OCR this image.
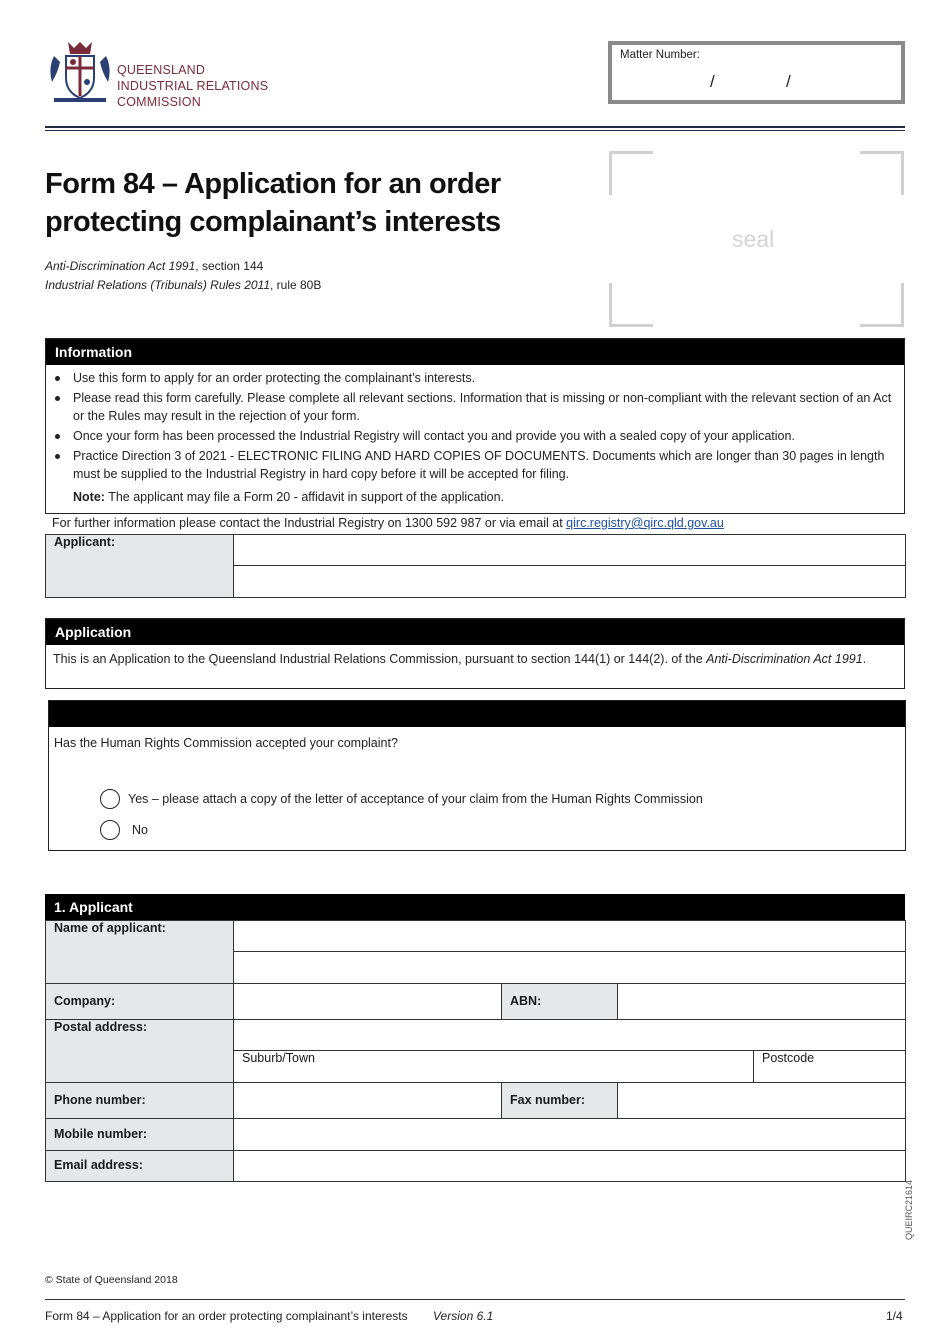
QUEENSLAND
INDUSTRIAL RELATIONS
COMMISSION
Matter Number:
/	/
Form 84 – Application for an order
protecting complainant’s interests
Anti-Discrimination Act 1991, section 144
Industrial Relations (Tribunals) Rules 2011, rule 80B
seal
Information
Use this form to apply for an order protecting the complainant’s interests.
Please read this form carefully. Please complete all relevant sections. Information that is missing or non-compliant with the relevant section of an Act or the Rules may result in the rejection of your form.
Once your form has been processed the Industrial Registry will contact you and provide you with a sealed copy of your application.
Practice Direction 3 of 2021 - ELECTRONIC FILING AND HARD COPIES OF DOCUMENTS. Documents which are longer than 30 pages in length must be supplied to the Industrial Registry in hard copy before it will be accepted for filing.
Note: The applicant may file a Form 20 - affidavit in support of the application.
For further information please contact the Industrial Registry on 1300 592 987 or via email at qirc.registry@qirc.qld.gov.au
Applicant:	

Application
This is an Application to the Queensland Industrial Relations Commission, pursuant to section 144(1) or 144(2). of the Anti-Discrimination Act 1991.
Has the Human Rights Commission accepted your complaint?
Yes – please attach a copy of the letter of acceptance of your claim from the Human Rights Commission
No
1. Applicant
Name of applicant:				

Company:		ABN:		
Postal address:				
	Suburb/Town			Postcode
Phone number:		Fax number:		
Mobile number:				
Email address:				
© State of Queensland 2018
QUEIRC21614
Form 84 – Application for an order protecting complainant’s interests Version 6.1	1/4
